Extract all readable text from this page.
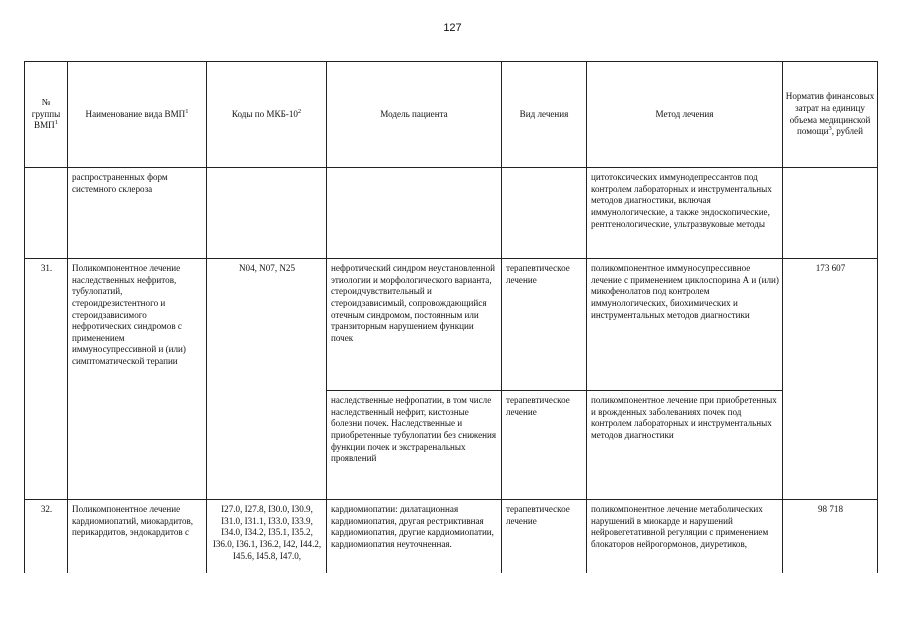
127
№ группы ВМП$^1$	Наименование вида ВМП$^1$	Коды по МКБ-$10^2$	Модель пациента	Вид лечения	Метод лечения	Норматив финансовых затрат на единицу объема медицинской помощи$^3$, рублей
	распространенных форм системного склероза				цитотоксических иммунодепрессантов под контролем лабораторных и инструментальных методов диагностики, включая иммунологические, а также эндоскопические, рентгенологические, ультразвуковые методы	
31.	Поликомпонентное лечение наследственных нефритов, тубулопатий, стероидрезистентного и стероидзависимого нефротических синдромов с применением иммуносупрессивной и (или) симптоматической терапии	N04, N07, N25	нефротический синдром неустановленной этиологии и морфологического варианта, стероидчувствительный и стероидзависимый, сопровождающийся отечным синдромом, постоянным или транзиторным нарушением функции почек	терапевтическое лечение	поликомпонентное иммуносупрессивное лечение с применением циклоспорина А и (или) микофенолатов под контролем иммунологических, биохимических и инструментальных методов диагностики	173 607
			наследственные нефропатии, в том числе наследственный нефрит, кистозные болезни почек. Наследственные и приобретенные тубулопатии без снижения функции почек и экстраренальных проявлений	терапевтическое лечение	поликомпонентное лечение при приобретенных и врожденных заболеваниях почек под контролем лабораторных и инструментальных методов диагностики	
32.	Поликомпонентное лечение кардиомиопатий, миокардитов, перикардитов, эндокардитов с	I27.0, I27.8, I30.0, I30.9, I31.0, I31.1, I33.0, I33.9, I34.0, I34.2, I35.1, I35.2, I36.0, I36.1, I36.2, I42, I44.2, I45.6, I45.8, I47.0,	кардиомиопатии: дилатационная кардиомиопатия, другая рестриктивная кардиомиопатия, другие кардиомиопатии, кардиомиопатия неуточненная.	терапевтическое лечение	поликомпонентное лечение метаболических нарушений в миокарде и нарушений нейровегетативной регуляции с применением блокаторов нейрогормонов, диуретиков,	98 718
